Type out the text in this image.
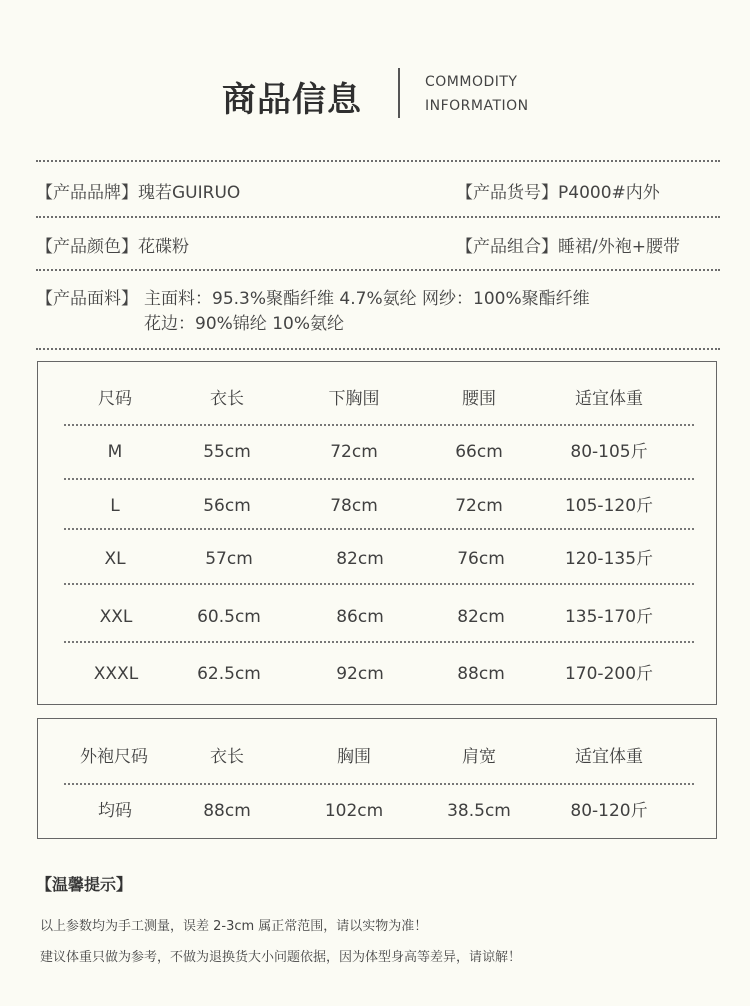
商品信息	COMMODITY
INFORMATION
【产品品牌】瑰若GUIRUO	【产品货号】P4000#内外
【产品颜色】花碟粉	【产品组合】睡裙/外袍+腰带
【产品面料】 主面料：95.3%聚酯纤维 4.7%氨纶 网纱：100%聚酯纤维
花边：90%锦纶 10%氨纶
尺码	衣长	下胸围	腰围	适宜体重
M	55cm	72cm	66cm	80-105斤
L	56cm	78cm	72cm	105-120斤
XL	57cm	82cm	76cm	120-135斤
XXL	60.5cm	86cm	82cm	135-170斤
XXXL	62.5cm	92cm	88cm	170-200斤
外袍尺码	衣长	胸围	肩宽	适宜体重
均码	88cm	102cm	38.5cm	80-120斤
【温馨提示】
以上参数均为手工测量，误差 2-3cm 属正常范围，请以实物为准！
建议体重只做为参考，不做为退换货大小问题依据，因为体型身高等差异，请谅解！
